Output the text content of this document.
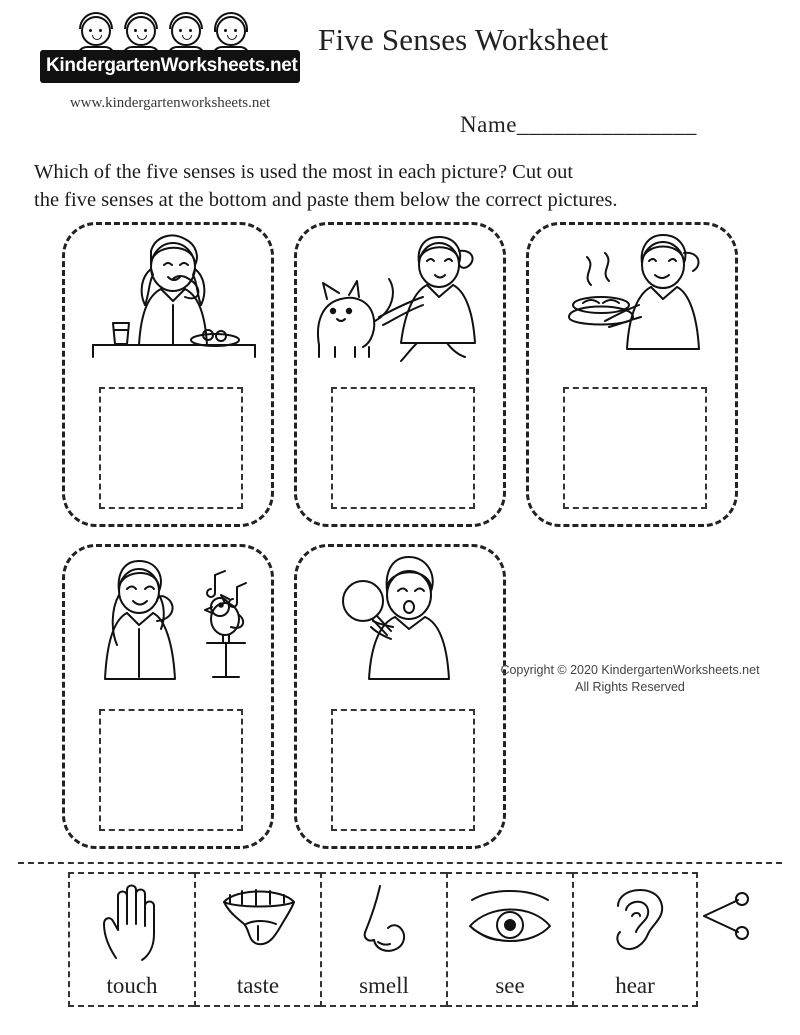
KindergartenWorksheets.net
www.kindergartenworksheets.net
Five Senses Worksheet
Name_______________
Which of the five senses is used the most in each picture? Cut out
the five senses at the bottom and paste them below the correct pictures.
Copyright © 2020 KindergartenWorksheets.net
All Rights Reserved
touch	taste	smell	see	hear
